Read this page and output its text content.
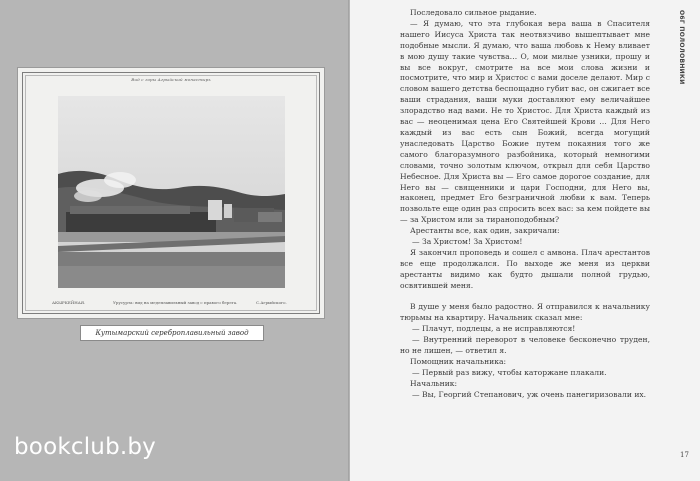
Вид с горы Агрыйский монастырь
АКЫРКЕЙНАЯ.	Урусурта: вид на медеплавильный завод с правого берега.	С.Агрыйского.
Кутымарский сереброплавильный завод
bookclub.by

Последовало сильное рыдание.

— Я думаю, что эта глубокая вера ваша в Спасителя нашего Иисуса Христа так неотвязчиво вышептывает мне подобные мысли. Я думаю, что ваша любовь к Нему вливает в мою душу такие чувства… О, мои милые узники, прошу и вы все вокруг, смотрите на все мои слова жизни и посмотрите, что мир и Христос с вами доселе делают. Мир с словом вашего детства беспощадно губит вас, он сжигает все ваши страдания, ваши муки доставляют ему величайшее злорадство над вами. Не то Христос. Для Христа каждый из вас — неоценимая цена Его Святейшей Крови … Для Него каждый из вас есть сын Божий, всегда могущий унаследовать Царство Божие путем покаяния того же самого благоразумного разбойника, который немногими словами, точно золотым ключом, открыл для себя Царство Небесное. Для Христа вы — Его самое дорогое создание, для Него вы — священники и цари Господни, для Него вы, наконец, предмет Его безграничной любви к вам. Теперь позвольте еще один раз спросить всех вас: за кем пойдете вы — за Христом или за тираноподобным?

Арестанты все, как один, закричали:

— За Христом! За Христом!

Я закончил проповедь и сошел с амвона. Плач арестантов все еще продолжался. По выходе же меня из церкви арестанты видимо как будто дышали полной грудью, освятившей меня.

В душе у меня было радостно. Я отправился к начальнику тюрьмы на квартиру. Начальник сказал мне:

— Плачут, подлецы, а не исправляются!

— Внутренний переворот в человеке бесконечно труден, но не лишен, — ответил я.

Помощник начальника:

— Первый раз вижу, чтобы каторжане плакали.

Начальник:

— Вы, Георгий Степанович, уж очень панегиризовали их.

О6Г ПОЛОЛОВНИКИ
17
